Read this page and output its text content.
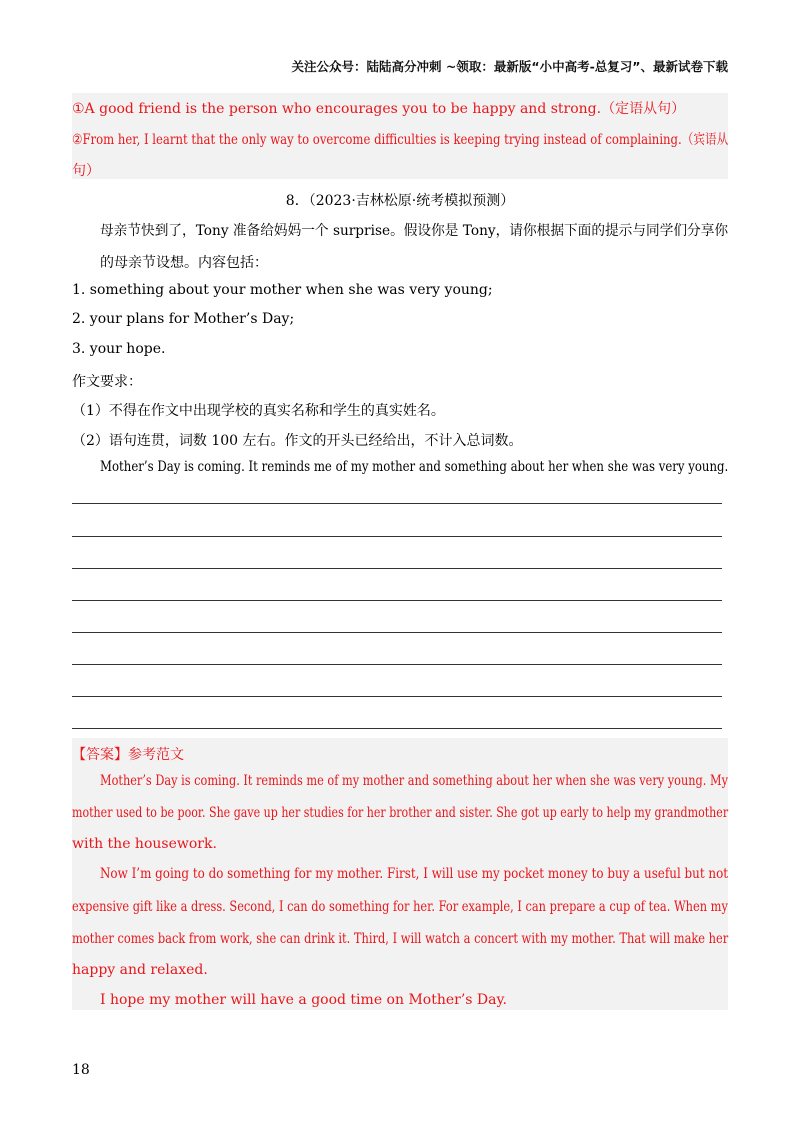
关注公众号：陆陆高分冲刺 ~领取：最新版“小中高考-总复习”、最新试卷下载
①A good friend is the person who encourages you to be happy and strong.（定语从句）
②From her, I learnt that the only way to overcome difficulties is keeping trying instead of complaining.（宾语从
句）
8．（2023·吉林松原·统考模拟预测）
母亲节快到了，Tony 准备给妈妈一个 surprise。假设你是 Tony，请你根据下面的提示与同学们分享你
的母亲节设想。内容包括：
1. something about your mother when she was very young;
2. your plans for Mother’s Day;
3. your hope.
作文要求：
（1）不得在作文中出现学校的真实名称和学生的真实姓名。
（2）语句连贯，词数 100 左右。作文的开头已经给出，不计入总词数。
Mother’s Day is coming. It reminds me of my mother and something about her when she was very young.
【答案】参考范文
Mother’s Day is coming. It reminds me of my mother and something about her when she was very young. My
mother used to be poor. She gave up her studies for her brother and sister. She got up early to help my grandmother
with the housework.
Now I’m going to do something for my mother. First, I will use my pocket money to buy a useful but not
expensive gift like a dress. Second, I can do something for her. For example, I can prepare a cup of tea. When my
mother comes back from work, she can drink it. Third, I will watch a concert with my mother. That will make her
happy and relaxed.
I hope my mother will have a good time on Mother’s Day.
18
